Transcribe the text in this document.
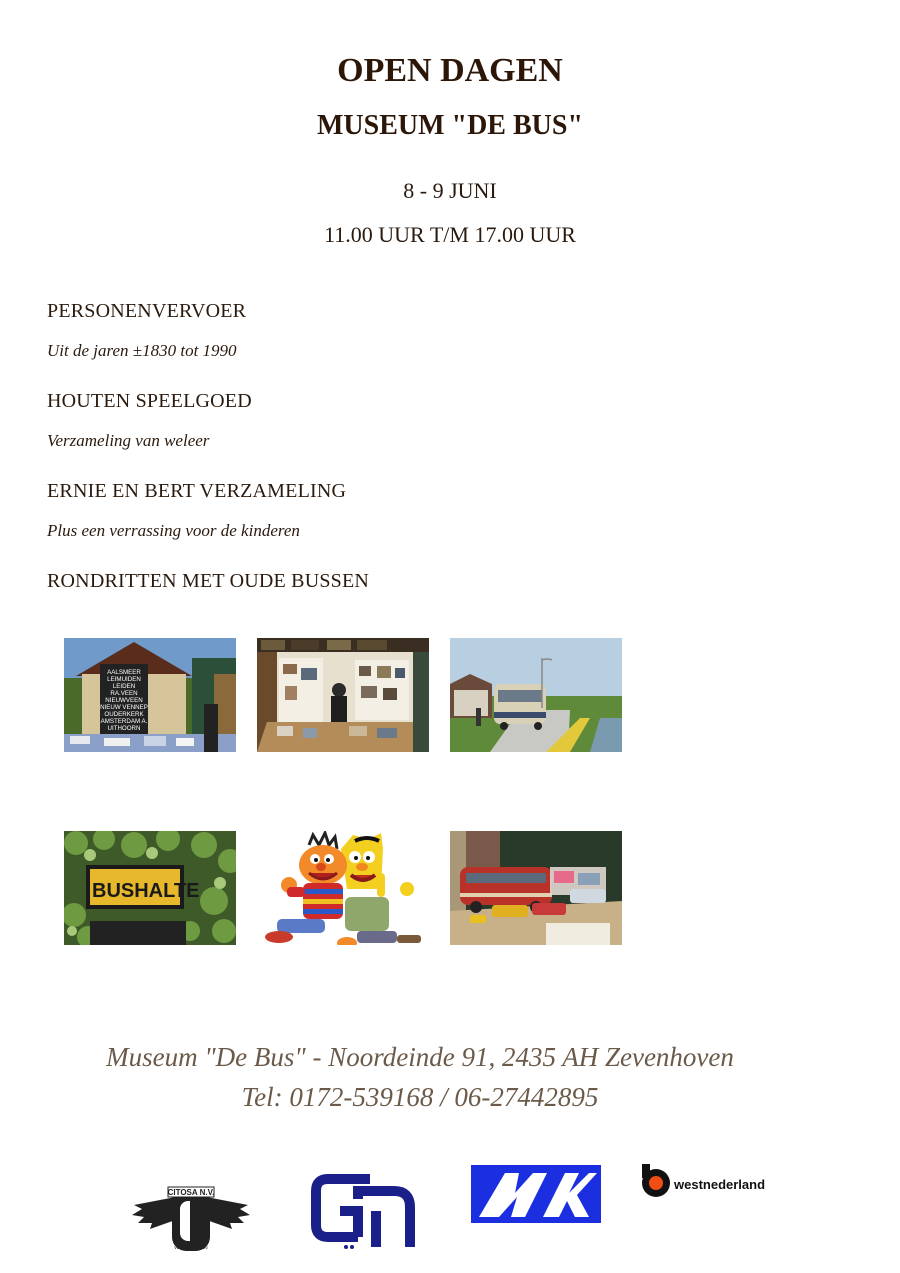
OPEN DAGEN
MUSEUM "DE BUS"
8 - 9 JUNI
11.00 UUR T/M 17.00 UUR
PERSONENVERVOER
Uit de jaren ±1830 tot 1990
HOUTEN SPEELGOED
Verzameling van weleer
ERNIE EN BERT VERZAMELING
Plus een verrassing voor de kinderen
RONDRITTEN MET OUDE BUSSEN
AALSMEER
LEIMUIDEN
LEIDEN
RA.VEEN
NIEUWVEEN
NIEUW VENNEP
OUDERKERK
AMSTERDAM A.
UITHOORN
BUSHALTE
Museum "De Bus" - Noordeinde 91, 2435 AH Zevenhoven
Tel: 0172-539168 / 06-27442895
CITOSA N.V.
WADDINXVEEN
MK
westnederland
